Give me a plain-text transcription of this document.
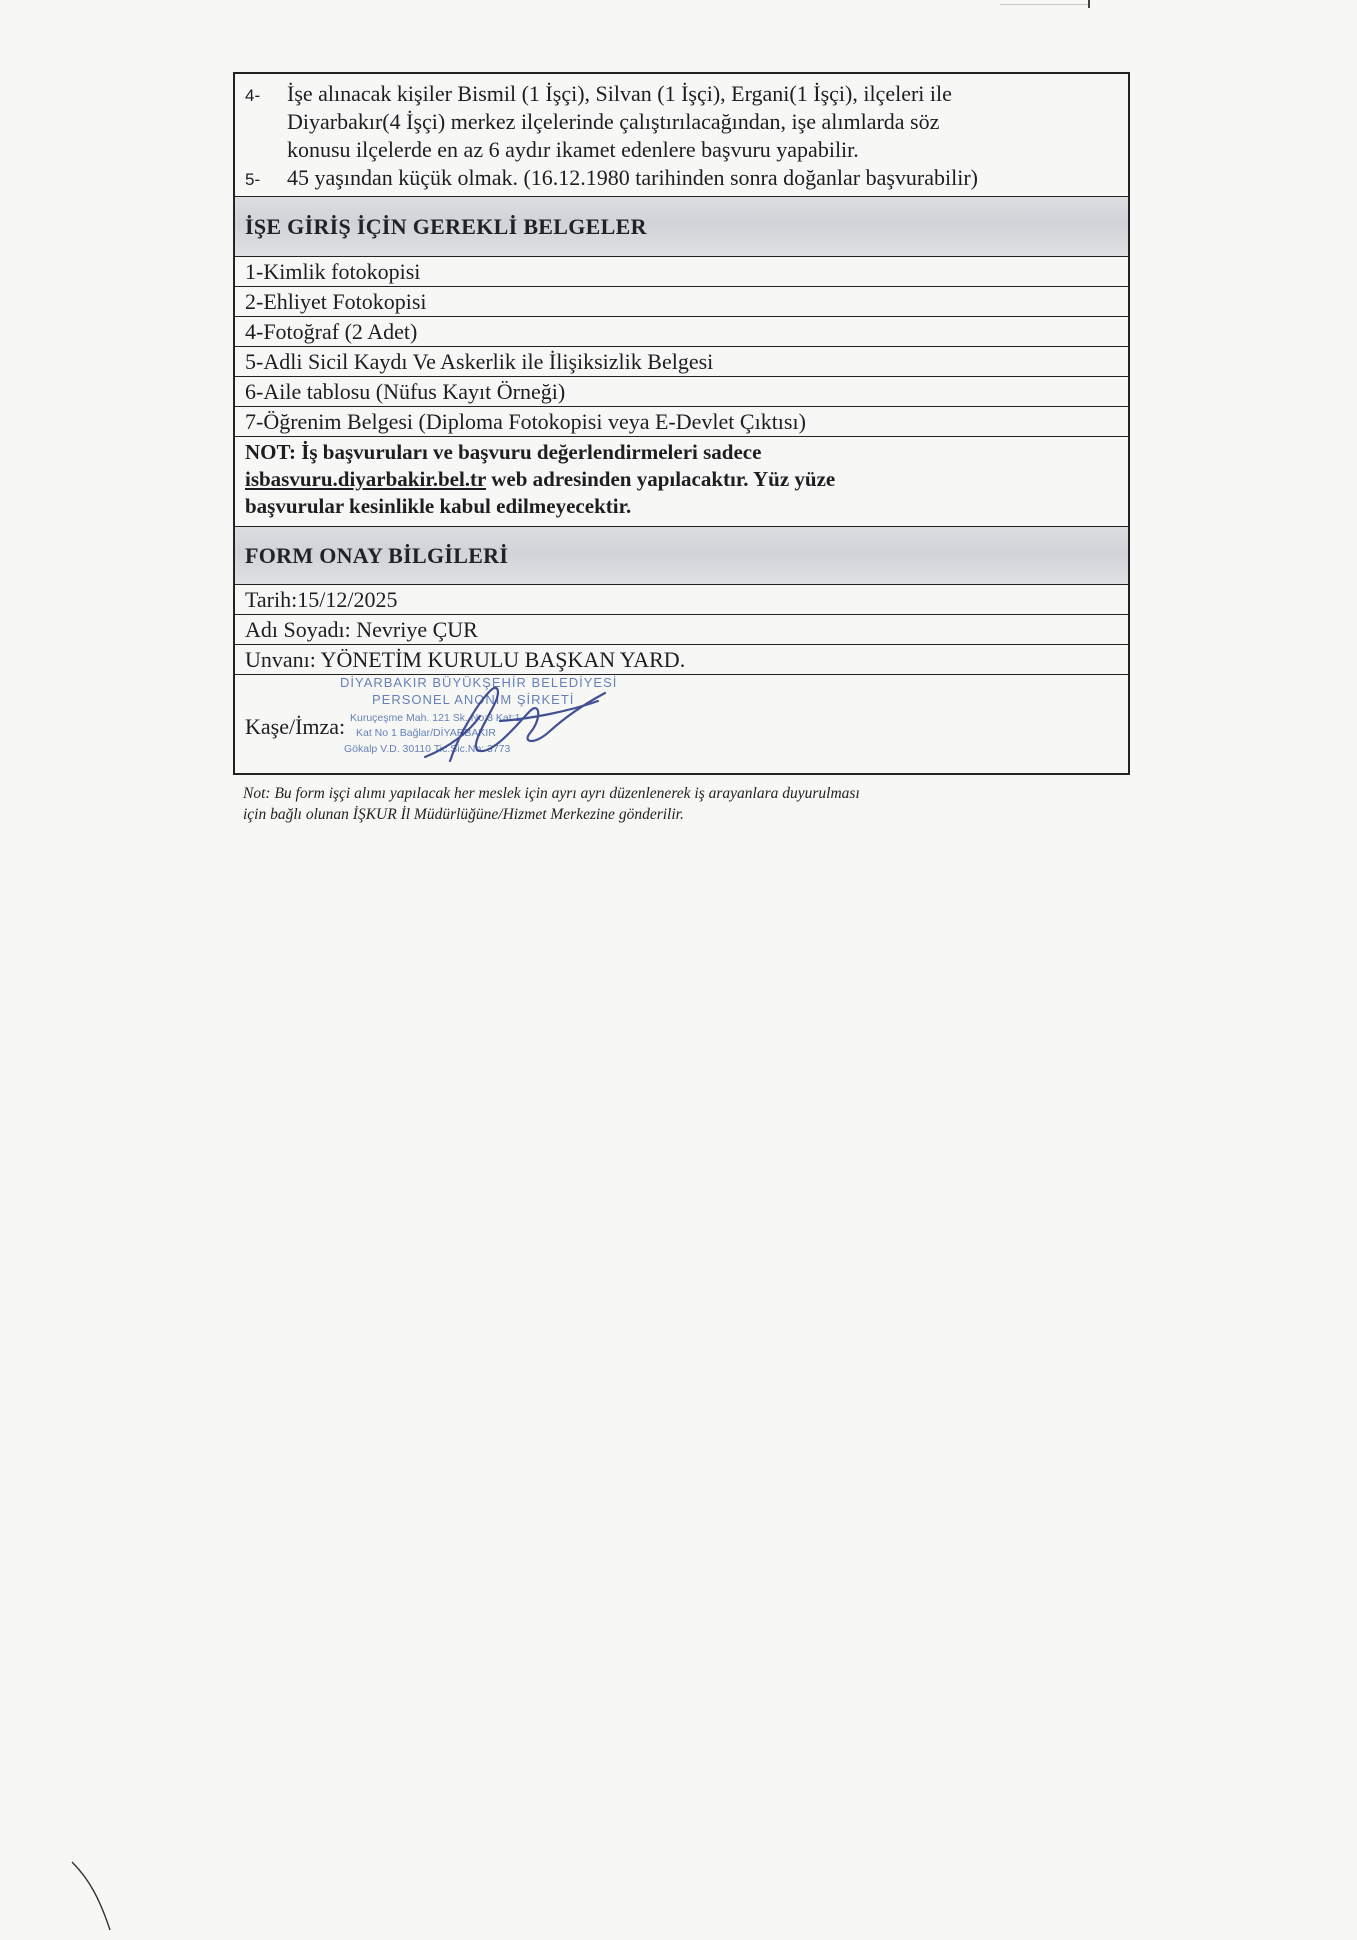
4-	İşe alınacak kişiler Bismil (1 İşçi), Silvan (1 İşçi), Ergani(1 İşçi), ilçeleri ile
Diyarbakır(4 İşçi) merkez ilçelerinde çalıştırılacağından, işe alımlarda söz
konusu ilçelerde en az 6 aydır ikamet edenlere başvuru yapabilir.
5-	45 yaşından küçük olmak. (16.12.1980 tarihinden sonra doğanlar başvurabilir)
İŞE GİRİŞ İÇİN GEREKLİ BELGELER
1-Kimlik fotokopisi
2-Ehliyet Fotokopisi
4-Fotoğraf (2 Adet)
5-Adli Sicil Kaydı Ve Askerlik ile İlişiksizlik Belgesi
6-Aile tablosu (Nüfus Kayıt Örneği)
7-Öğrenim Belgesi (Diploma Fotokopisi veya E-Devlet Çıktısı)
NOT: İş başvuruları ve başvuru değerlendirmeleri sadece
isbasvuru.diyarbakir.bel.tr web adresinden yapılacaktır. Yüz yüze
başvurular kesinlikle kabul edilmeyecektir.
FORM ONAY BİLGİLERİ
Tarih:15/12/2025
Adı Soyadı: Nevriye ÇUR
Unvanı: YÖNETİM KURULU BAŞKAN YARD.
Kaşe/İmza:
DİYARBAKIR BÜYÜKŞEHİR BELEDİYESİ
PERSONEL ANONİM ŞİRKETİ
Kuruçeşme Mah. 121 Sk. No:3 Kat:1
Kat No 1 Bağlar/DİYARBAKIR
Gökalp V.D. 30110 Tic.Sic.No: 3773
Not: Bu form işçi alımı yapılacak her meslek için ayrı ayrı düzenlenerek iş arayanlara duyurulması
için bağlı olunan İŞKUR İl Müdürlüğüne/Hizmet Merkezine gönderilir.
